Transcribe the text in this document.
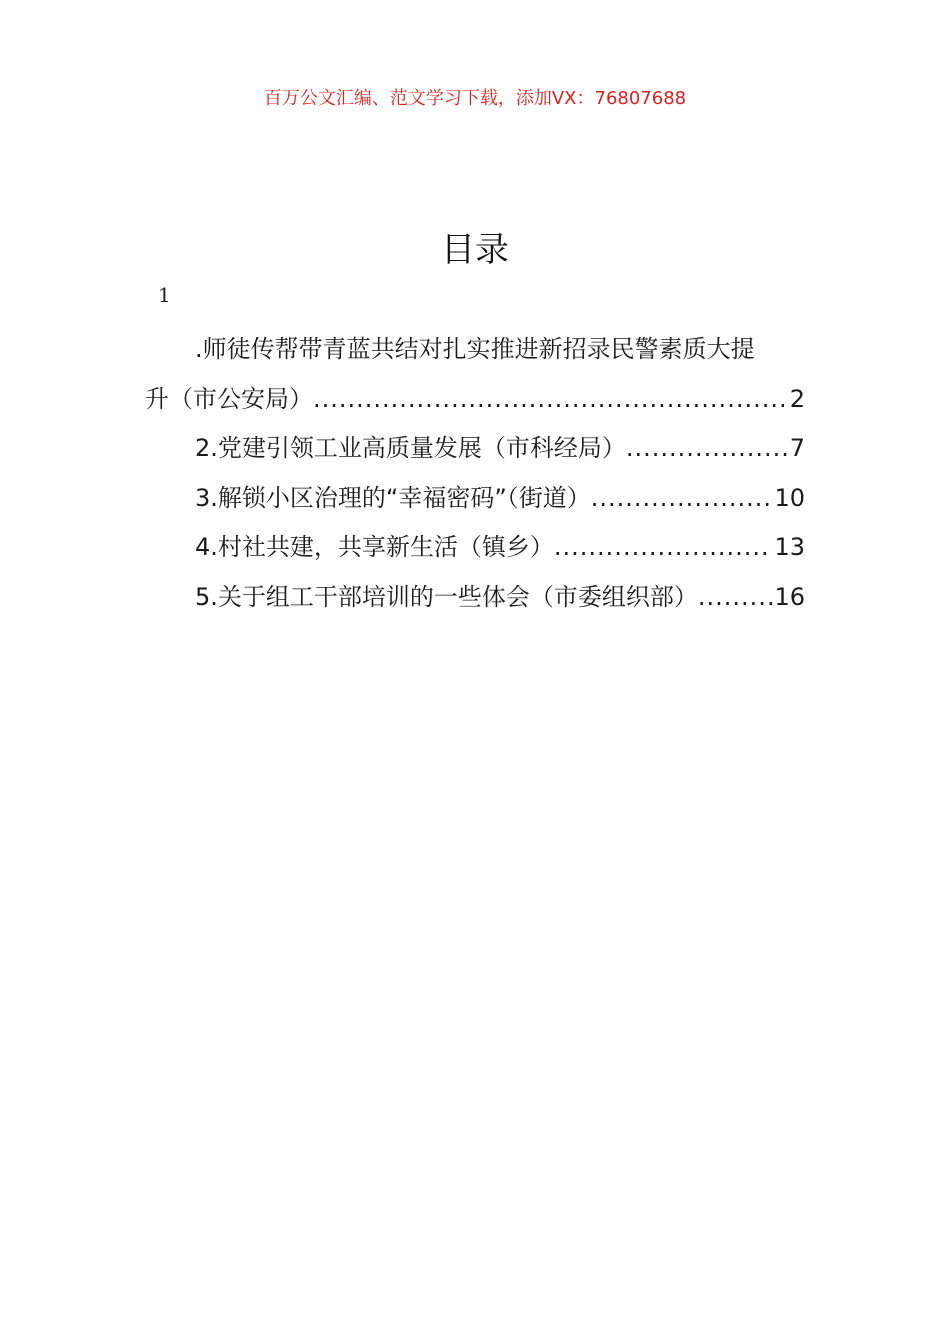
百万公文汇编、范文学习下载，添加VX：76807688
目录
1
.师徒传帮带青蓝共结对扎实推进新招录民警素质大提
升（市公安局） .....	2
2.党建引领工业高质量发展（市科经局） .....	7
3.解锁小区治理的“幸福密码”（街道） .....	10
4.村社共建，共享新生活（镇乡） .....	13
5.关于组工干部培训的一些体会（市委组织部） .....	16
